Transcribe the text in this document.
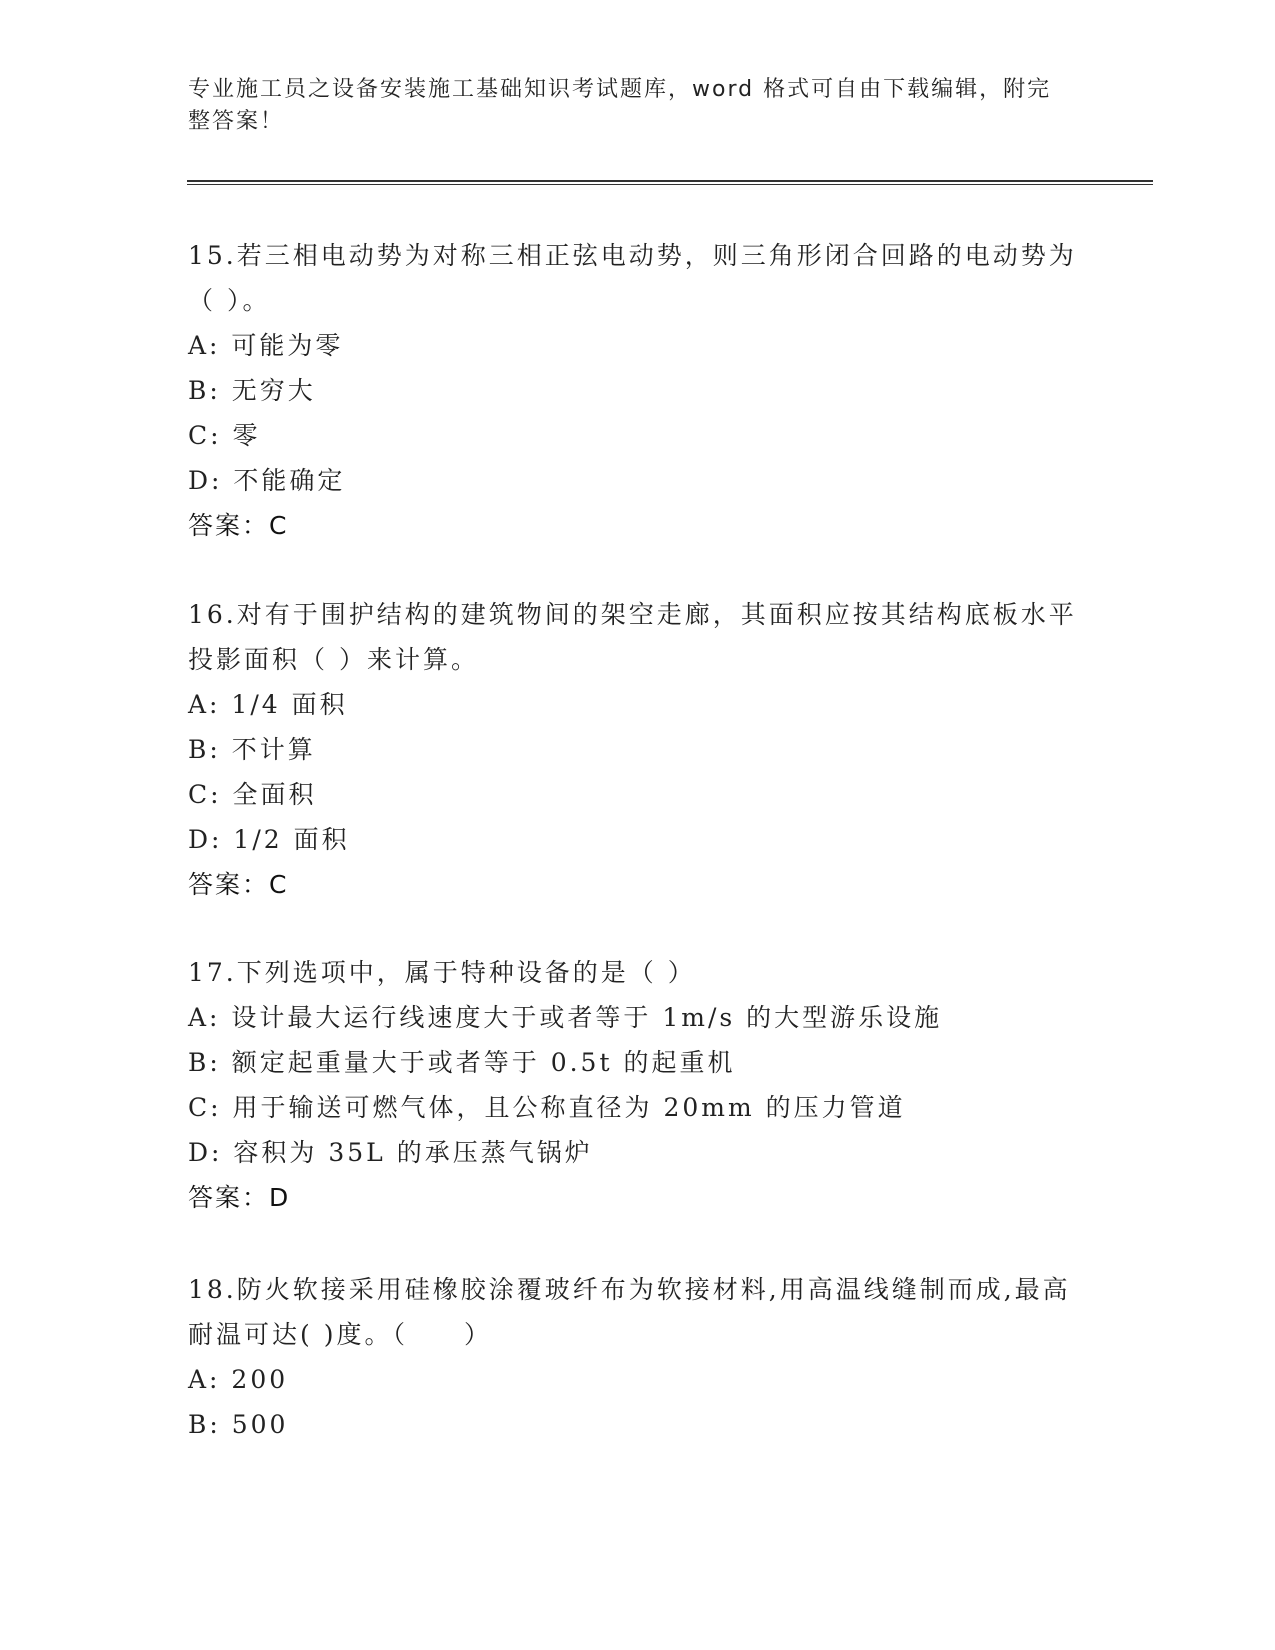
专业施工员之设备安装施工基础知识考试题库，word 格式可自由下载编辑，附完整答案！
15.若三相电动势为对称三相正弦电动势，则三角形闭合回路的电动势为（ ）。
A: 可能为零
B: 无穷大
C: 零
D: 不能确定
答案：C
16.对有于围护结构的建筑物间的架空走廊，其面积应按其结构底板水平投影面积（ ）来计算。
A: 1/4 面积
B: 不计算
C: 全面积
D: 1/2 面积
答案：C
17.下列选项中，属于特种设备的是（ ）
A: 设计最大运行线速度大于或者等于 1m/s 的大型游乐设施
B: 额定起重量大于或者等于 0.5t 的起重机
C: 用于输送可燃气体，且公称直径为 20mm 的压力管道
D: 容积为 35L 的承压蒸气锅炉
答案：D
18.防火软接采用硅橡胶涂覆玻纤布为软接材料,用高温线缝制而成,最高耐温可达( )度。（　　）
A: 200
B: 500
